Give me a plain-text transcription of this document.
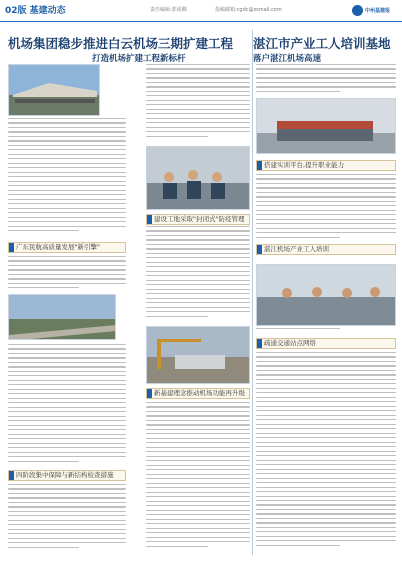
02版 基建动态	责任编辑:郭成卿	投稿邮箱:cgdc@zsmail.com	中州基建报
机场集团稳步推进白云机场三期扩建工程
打造机场扩建工程新标杆
湛江市产业工人培训基地
落户湛江机场高速
建设工地采取"封闭式"防疫管理
广东民航高质量发展"新引擎"
新基建理念推动机场功能再升级
四阶段集中保障与新结构检查措施
搭建实训平台,提升职业能力
湛江机场产业工人培训
疏通交通站点网络
